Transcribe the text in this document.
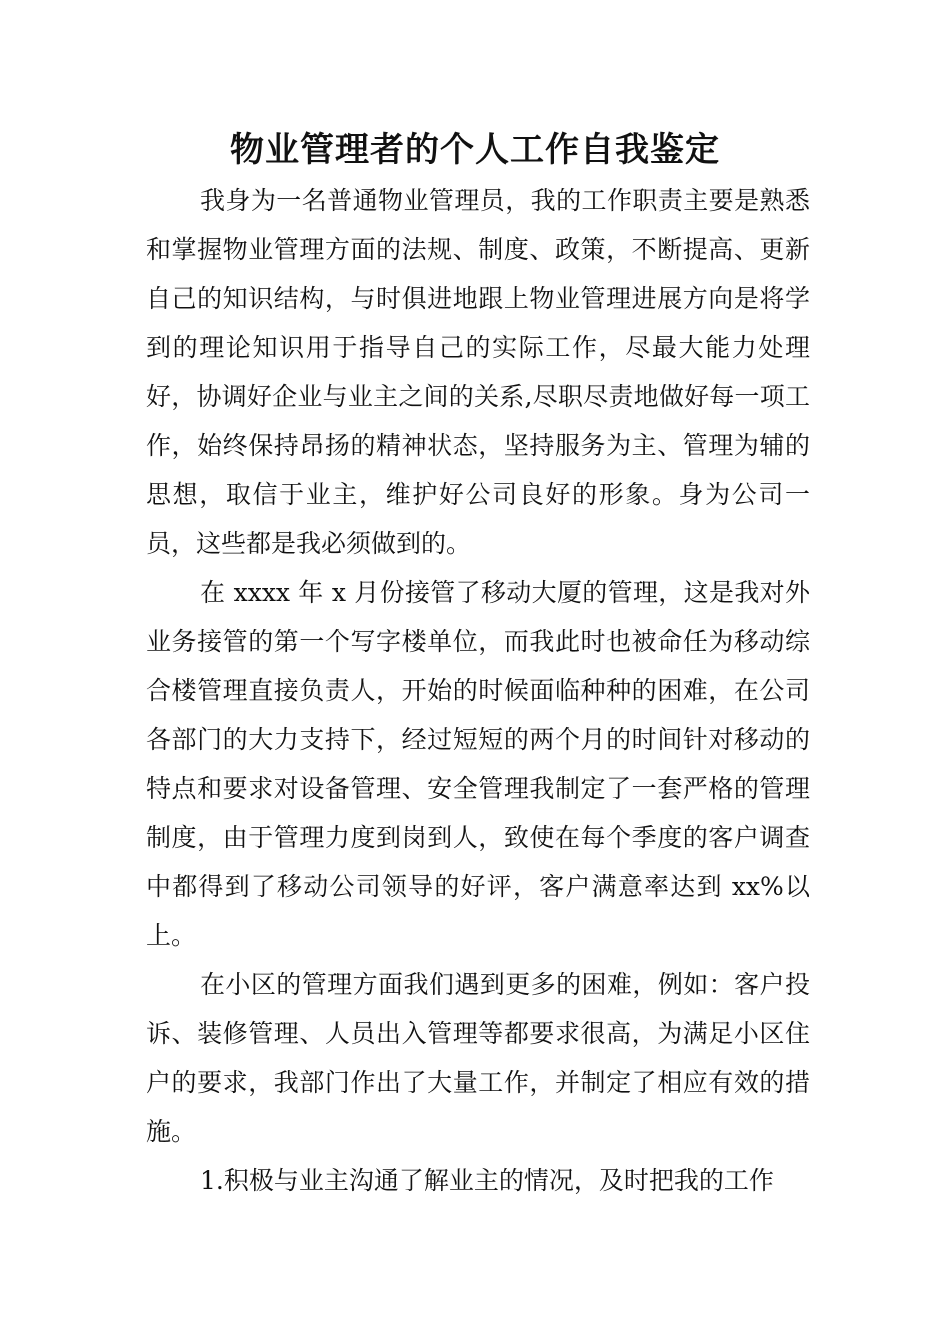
物业管理者的个人工作自我鉴定

我身为一名普通物业管理员，我的工作职责主要是熟悉和掌握物业管理方面的法规、制度、政策，不断提高、更新自己的知识结构，与时俱进地跟上物业管理进展方向是将学到的理论知识用于指导自己的实际工作，尽最大能力处理好，协调好企业与业主之间的关系,尽职尽责地做好每一项工作，始终保持昂扬的精神状态，坚持服务为主、管理为辅的思想，取信于业主，维护好公司良好的形象。身为公司一员，这些都是我必须做到的。

在 xxxx 年 x 月份接管了移动大厦的管理，这是我对外业务接管的第一个写字楼单位，而我此时也被命任为移动综合楼管理直接负责人，开始的时候面临种种的困难，在公司各部门的大力支持下，经过短短的两个月的时间针对移动的特点和要求对设备管理、安全管理我制定了一套严格的管理制度，由于管理力度到岗到人，致使在每个季度的客户调查中都得到了移动公司领导的好评，客户满意率达到 xx%以上。

在小区的管理方面我们遇到更多的困难，例如：客户投诉、装修管理、人员出入管理等都要求很高，为满足小区住户的要求，我部门作出了大量工作，并制定了相应有效的措施。

1.积极与业主沟通了解业主的情况，及时把我的工作
